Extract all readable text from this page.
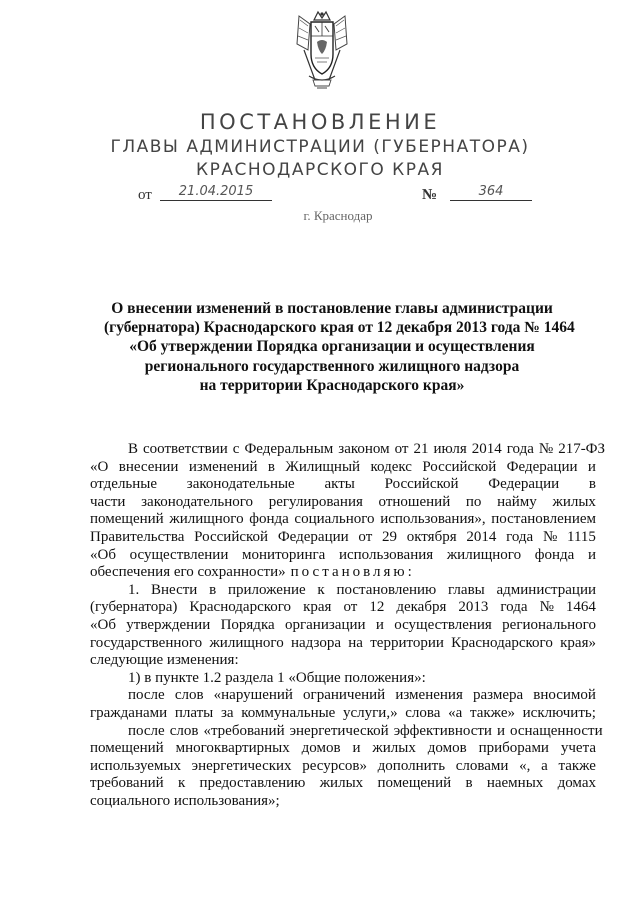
ПОСТАНОВЛЕНИЕ
ГЛАВЫ АДМИНИСТРАЦИИ (ГУБЕРНАТОРА)
КРАСНОДАРСКОГО КРАЯ
от	21.04.2015	№	364
г. Краснодар
О внесении изменений в постановление главы администрации
(губернатора) Краснодарского края от 12 декабря 2013 года № 1464
«Об утверждении Порядка организации и осуществления
регионального государственного жилищного надзора
на территории Краснодарского края»
В соответствии с Федеральным законом от 21 июля 2014 года № 217-ФЗ
«О внесении изменений в Жилищный кодекс Российской Федерации и
отдельные законодательные акты Российской Федерации в
части законодательного регулирования отношений по найму жилых
помещений жилищного фонда социального использования», постановлением
Правительства Российской Федерации от 29 октября 2014 года № 1115
«Об осуществлении мониторинга использования жилищного фонда и
обеспечения его сохранности» постановляю:
1. Внести в приложение к постановлению главы администрации
(губернатора) Краснодарского края от 12 декабря 2013 года № 1464
«Об утверждении Порядка организации и осуществления регионального
государственного жилищного надзора на территории Краснодарского края»
следующие изменения:
1) в пункте 1.2 раздела 1 «Общие положения»:
после слов «нарушений ограничений изменения размера вносимой
гражданами платы за коммунальные услуги,» слова «а также» исключить;
после слов «требований энергетической эффективности и оснащенности
помещений многоквартирных домов и жилых домов приборами учета
используемых энергетических ресурсов» дополнить словами «, а также
требований к предоставлению жилых помещений в наемных домах
социального использования»;
